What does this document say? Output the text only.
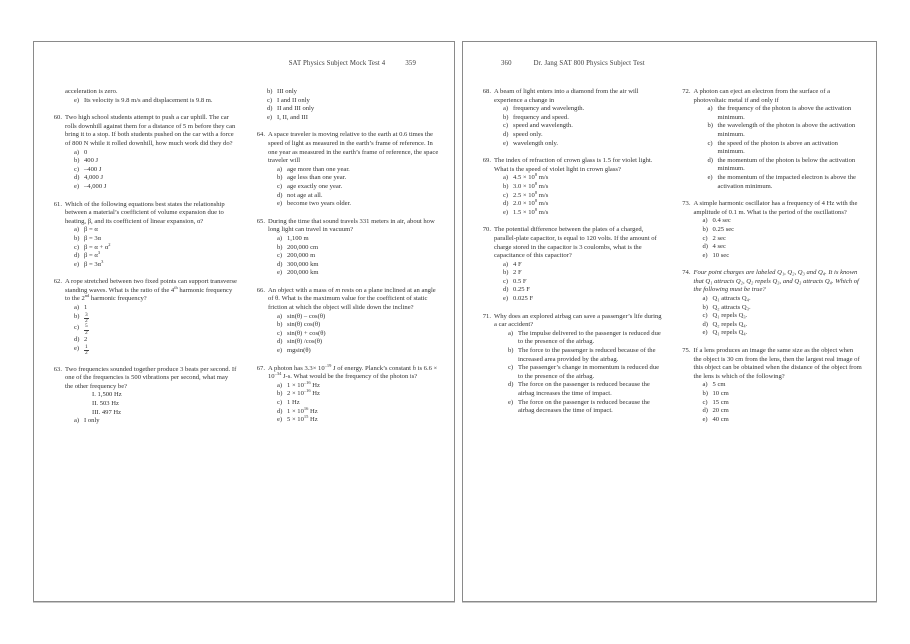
SAT Physics Subject Mock Test 4	359
acceleration is zero.
e) Its velocity is 9.8 m/s and displacement is 9.8 m.
60. Two high school students attempt to push a car uphill. The car rolls downhill against them for a distance of 5 m before they can bring it to a stop. If both students pushed on the car with a force of 800 N while it rolled downhill, how much work did they do?
a) 0
b) 400 J
c) –400 J
d) 4,000 J
e) –4,000 J
61. Which of the following equations best states the relationship between a material’s coefficient of volume expansion due to heating, β, and its coefficient of linear expansion, α?
a) β = α
b) β = 3α
c) $\beta = \alpha + \alpha^2$
d) $\beta = \alpha^3$
e) $\beta = 3\alpha^3$
62. A rope stretched between two fixed points can support transverse standing waves. What is the ratio of the 4th harmonic frequency to the 2nd harmonic frequency?
a) 1
$b) \frac{3}{2}$
$c) \frac{5}{2}$
d) 2
$e) \frac{1}{2}$
63. Two frequencies sounded together produce 3 beats per second. If one of the frequencies is 500 vibrations per second, what may the other frequency be?
I. 1,500 Hz
II. 503 Hz
III. 497 Hz
a) I only
b) III only
c) I and II only
d) II and III only
e) I, II, and III
64. A space traveler is moving relative to the earth at 0.6 times the speed of light as measured in the earth’s frame of reference. In one year as measured in the earth’s frame of reference, the space traveler will
a) age more than one year.
b) age less than one year.
c) age exactly one year.
d) not age at all.
e) become two years older.
65. During the time that sound travels 331 meters in air, about how long light can travel in vacuum?
a) 1,100 m
b) 200,000 cm
c) 200,000 m
d) 300,000 km
e) 200,000 km
66. An object with a mass of m rests on a plane inclined at an angle of θ. What is the maximum value for the coefficient of static friction at which the object will slide down the incline?
a) sin(θ) – cos(θ)
b) sin(θ) cos(θ)
c) sin(θ) + cos(θ)
d) sin(θ) /cos(θ)
e) mgsin(θ)
67. A photon has $3.3\times 10^{-19}$ J of energy. Planck’s constant h is $6.6 \times 10^{-34}$ J-s. What would be the frequency of the photon is?
a) $1 \times 10^{-16}$ Hz
b) $2 \times 10^{-16}$ Hz
c) 1 Hz
d) $1 \times 10^{16}$ Hz
e) $5 \times 10^{15}$ Hz
360	Dr. Jang SAT 800 Physics Subject Test
68. A beam of light enters into a diamond from the air will experience a change in
a) frequency and wavelength.
b) frequency and speed.
c) speed and wavelength.
d) speed only.
e) wavelength only.
69. The index of refraction of crown glass is 1.5 for violet light. What is the speed of violet light in crown glass?
a) $4.5 \times 10^8$ m/s
b) $3.0 \times 10^8$ m/s
c) $2.5 \times 10^8$ m/s
d) $2.0 \times 10^8$ m/s
e) $1.5 \times 10^8$ m/s
70. The potential difference between the plates of a charged, parallel-plate capacitor, is equal to 120 volts. If the amount of charge stored in the capacitor is 3 coulombs, what is the capacitance of this capacitor?
a) 4 F
b) 2 F
c) 0.5 F
d) 0.25 F
e) 0.025 F
71. Why does an explored airbag can save a passenger’s life during a car accident?
a) The impulse delivered to the passenger is reduced due to the presence of the airbag.
b) The force to the passenger is reduced because of the increased area provided by the airbag.
c) The passenger’s change in momentum is reduced due to the presence of the airbag.
d) The force on the passenger is reduced because the airbag increases the time of impact.
e) The force on the passenger is reduced because the airbag decreases the time of impact.
72. A photon can eject an electron from the surface of a photovoltaic metal if and only if
a) the frequency of the photon is above the activation minimum.
b) the wavelength of the photon is above the activation minimum.
c) the speed of the photon is above an activation minimum.
d) the momentum of the photon is below the activation minimum.
e) the momentum of the impacted electron is above the activation minimum.
73. A simple harmonic oscillator has a frequency of 4 Hz with the amplitude of 0.1 m. What is the period of the oscillations?
a) 0.4 sec
b) 0.25 sec
c) 2 sec
d) 4 sec
e) 10 sec
74. Four point charges are labeled Q₁, Q₂, Q₃ and Q₄. It is known that Q₁ attracts Q₂, Q₂ repels Q₃, and Q₃ attracts Q₄. Which of the following must be true?
a) Q₁ attracts Q₄.
b) Q₂ attracts Q₃.
c) Q₁ repels Q₃.
d) Q₂ repels Q₄.
e) Q₁ repels Q₄.
75. If a lens produces an image the same size as the object when the object is 30 cm from the lens, then the largest real image of this object can be obtained when the distance of the object from the lens is which of the following?
a) 5 cm
b) 10 cm
c) 15 cm
d) 20 cm
e) 40 cm
